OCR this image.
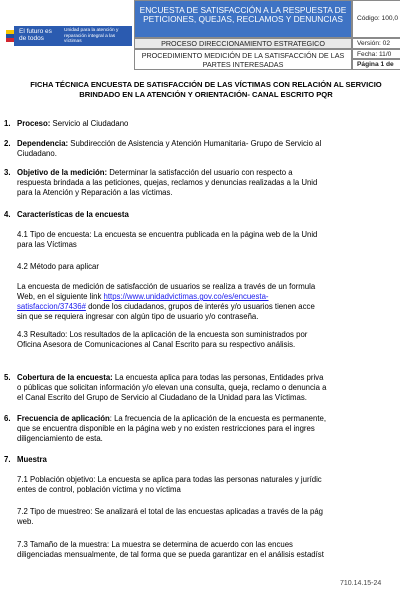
El futuro es de todos
Unidad para la atención y reparación integral a las víctimas
ENCUESTA DE SATISFACCIÓN A LA RESPUESTA DE PETICIONES, QUEJAS, RECLAMOS Y DENUNCIAS
PROCESO DIRECCIONAMIENTO ESTRATEGICO
PROCEDIMIENTO MEDICIÓN DE LA SATISFACCIÓN DE LAS PARTES INTERESADAS
Código: 100,0
Versión: 02
Fecha: 11/0
Página 1 de
FICHA TÉCNICA ENCUESTA DE SATISFACCIÓN DE LAS VÍCTIMAS CON RELACIÓN AL SERVICIO
BRINDADO EN LA ATENCIÓN Y ORIENTACIÓN- CANAL ESCRITO PQR
1. Proceso: Servicio al Ciudadano
2. Dependencia: Subdirección de Asistencia y Atención Humanitaria- Grupo de Servicio al
Ciudadano.
3. Objetivo de la medición: Determinar la satisfacción del usuario con respecto a
respuesta brindada a las peticiones, quejas, reclamos y denuncias realizadas a la Unid
para la Atención y Reparación a las víctimas.
4. Características de la encuesta
4.1 Tipo de encuesta: La encuesta se encuentra publicada en la página web de la Unid
para las Víctimas
4.2 Método para aplicar
La encuesta de medición de satisfacción de usuarios se realiza a través de un formula
Web, en el siguiente link https://www.unidadvictimas.gov.co/es/encuesta-
satisfaccion/37436# donde los ciudadanos, grupos de interés y/o usuarios tienen acce
sin que se requiera ingresar con algún tipo de usuario y/o contraseña.
4.3 Resultado: Los resultados de la aplicación de la encuesta son suministrados por
Oficina Asesora de Comunicaciones al Canal Escrito para su respectivo análisis.
5. Cobertura de la encuesta: La encuesta aplica para todas las personas, Entidades priva
o públicas que solicitan información y/o elevan una consulta, queja, reclamo o denuncia a
el Canal Escrito del Grupo de Servicio al Ciudadano de la Unidad para las Víctimas.
6. Frecuencia de aplicación: La frecuencia de la aplicación de la encuesta es permanente,
que se encuentra disponible en la página web y no existen restricciones para el ingres
diligenciamiento de esta.
7. Muestra
7.1 Población objetivo: La encuesta se aplica para todas las personas naturales y jurídic
entes de control, población víctima y no víctima
7.2 Tipo de muestreo: Se analizará el total de las encuestas aplicadas a través de la pág
web.
7.3 Tamaño de la muestra: La muestra se determina de acuerdo con las encues
diligenciadas mensualmente, de tal forma que se pueda garantizar en el análisis estadíst
710.14.15-24
